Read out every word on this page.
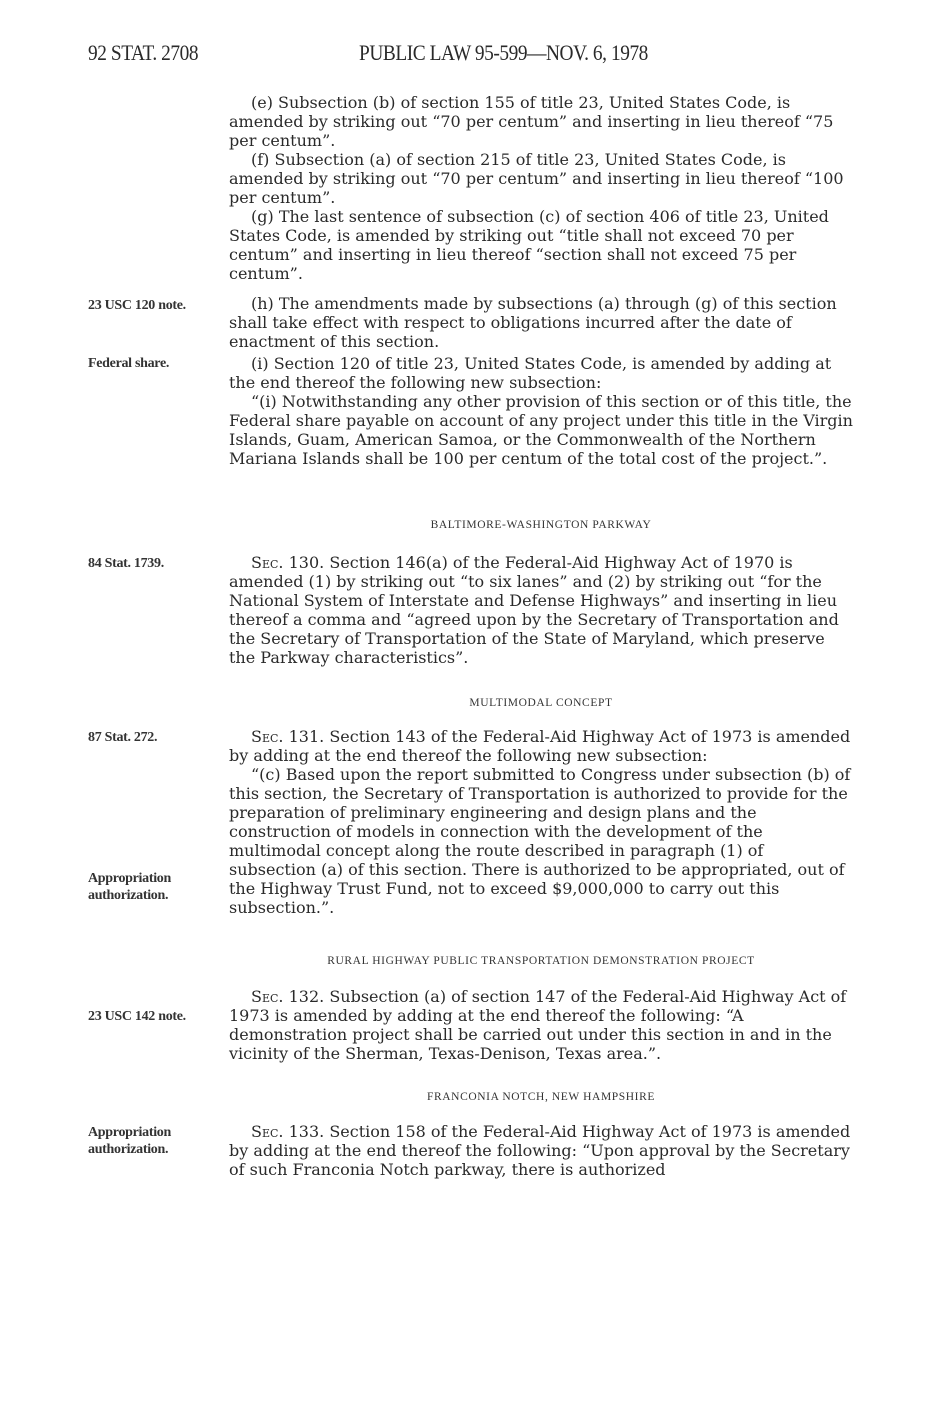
92 STAT. 2708	PUBLIC LAW 95-599—NOV. 6, 1978

(e) Subsection (b) of section 155 of title 23, United States Code, is amended by striking out “70 per centum” and inserting in lieu thereof “75 per centum”.

(f) Subsection (a) of section 215 of title 23, United States Code, is amended by striking out “70 per centum” and inserting in lieu thereof “100 per centum”.

(g) The last sentence of subsection (c) of section 406 of title 23, United States Code, is amended by striking out “title shall not exceed 70 per centum” and inserting in lieu thereof “section shall not exceed 75 per centum”.

23 USC 120 note.	(h) The amendments made by subsections (a) through (g) of this section shall take effect with respect to obligations incurred after the date of enactment of this section.

Federal share.	(i) Section 120 of title 23, United States Code, is amended by adding at the end thereof the following new subsection:

“(i) Notwithstanding any other provision of this section or of this title, the Federal share payable on account of any project under this title in the Virgin Islands, Guam, American Samoa, or the Commonwealth of the Northern Mariana Islands shall be 100 per centum of the total cost of the project.”.

BALTIMORE-WASHINGTON PARKWAY
84 Stat. 1739.	Sec. 130. Section 146(a) of the Federal-Aid Highway Act of 1970 is amended (1) by striking out “to six lanes” and (2) by striking out “for the National System of Interstate and Defense Highways” and inserting in lieu thereof a comma and “agreed upon by the Secretary of Transportation and the Secretary of Transportation of the State of Maryland, which preserve the Parkway characteristics”.

MULTIMODAL CONCEPT
87 Stat. 272.	Sec. 131. Section 143 of the Federal-Aid Highway Act of 1973 is amended by adding at the end thereof the following new subsection:

“(c) Based upon the report submitted to Congress under subsection (b) of this section, the Secretary of Transportation is authorized to provide for the preparation of preliminary engineering and design plans and the construction of models in connection with the development of the multimodal concept along the route described in paragraph (1) of subsection (a) of this section. There is authorized to be appropriated, out of the Highway Trust Fund, not to exceed $9,000,000 to carry out this subsection.”.

Appropriation
authorization.
RURAL HIGHWAY PUBLIC TRANSPORTATION DEMONSTRATION PROJECT
23 USC 142 note.

Sec. 132. Subsection (a) of section 147 of the Federal-Aid Highway Act of 1973 is amended by adding at the end thereof the following: “A demonstration project shall be carried out under this section in and in the vicinity of the Sherman, Texas-Denison, Texas area.”.

FRANCONIA NOTCH, NEW HAMPSHIRE
Appropriation
authorization.

Sec. 133. Section 158 of the Federal-Aid Highway Act of 1973 is amended by adding at the end thereof the following: “Upon approval by the Secretary of such Franconia Notch parkway, there is authorized
